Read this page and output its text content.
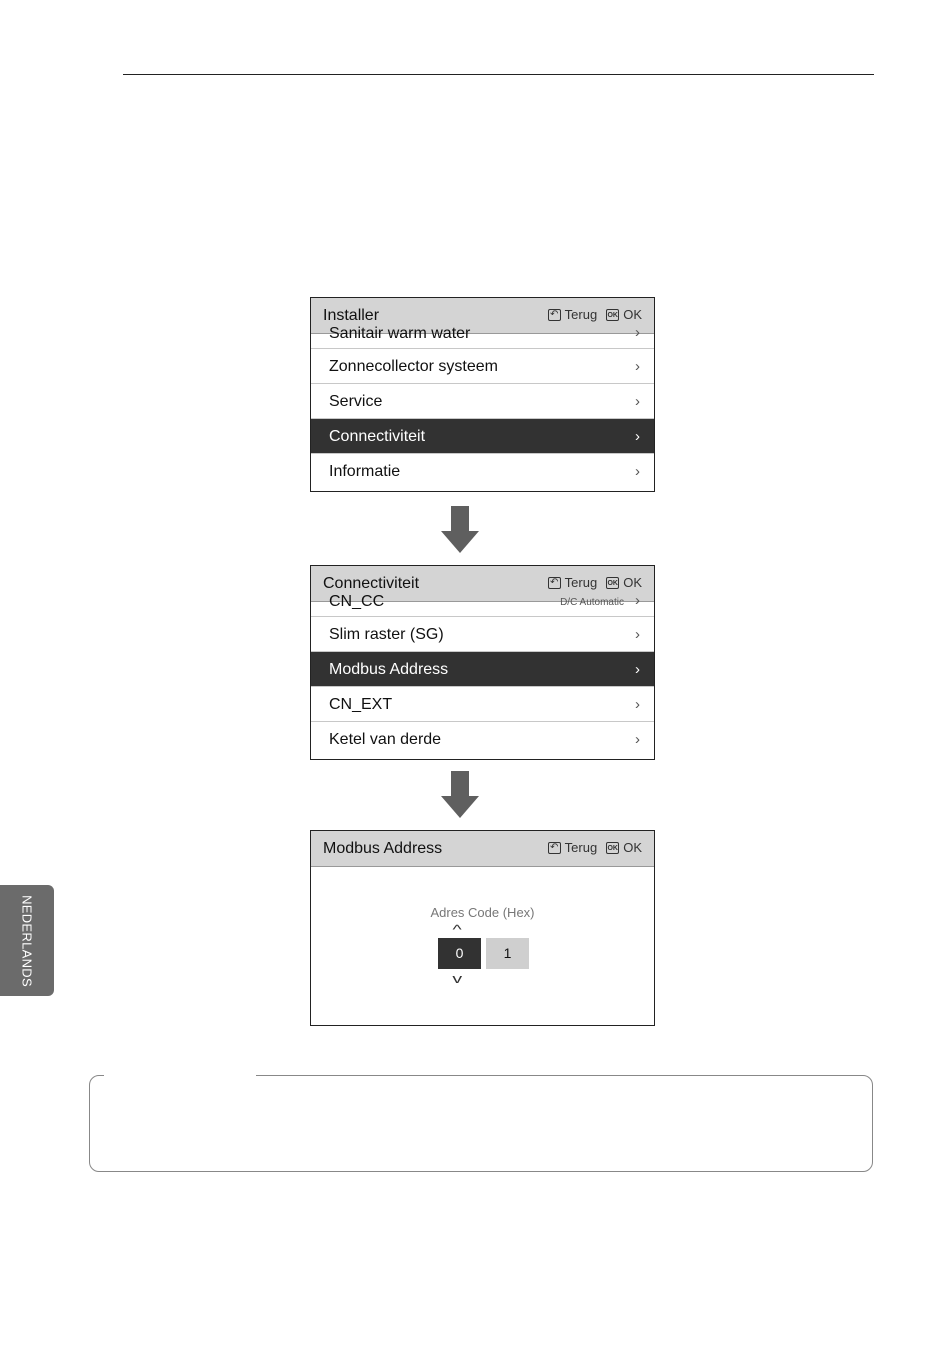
NEDERLANDS
Installer	↶ Terug OK OK
Sanitair warm water	›
Zonnecollector systeem	›
Service	›
Connectiviteit	›
Informatie	›
Connectiviteit	↶ Terug OK OK
CN_CC	D/C Automatic ›
Slim raster (SG)	›
Modbus Address	›
CN_EXT	›
Ketel van derde	›
Modbus Address	↶ Terug OK OK
Adres Code (Hex)
^
0	1
v
